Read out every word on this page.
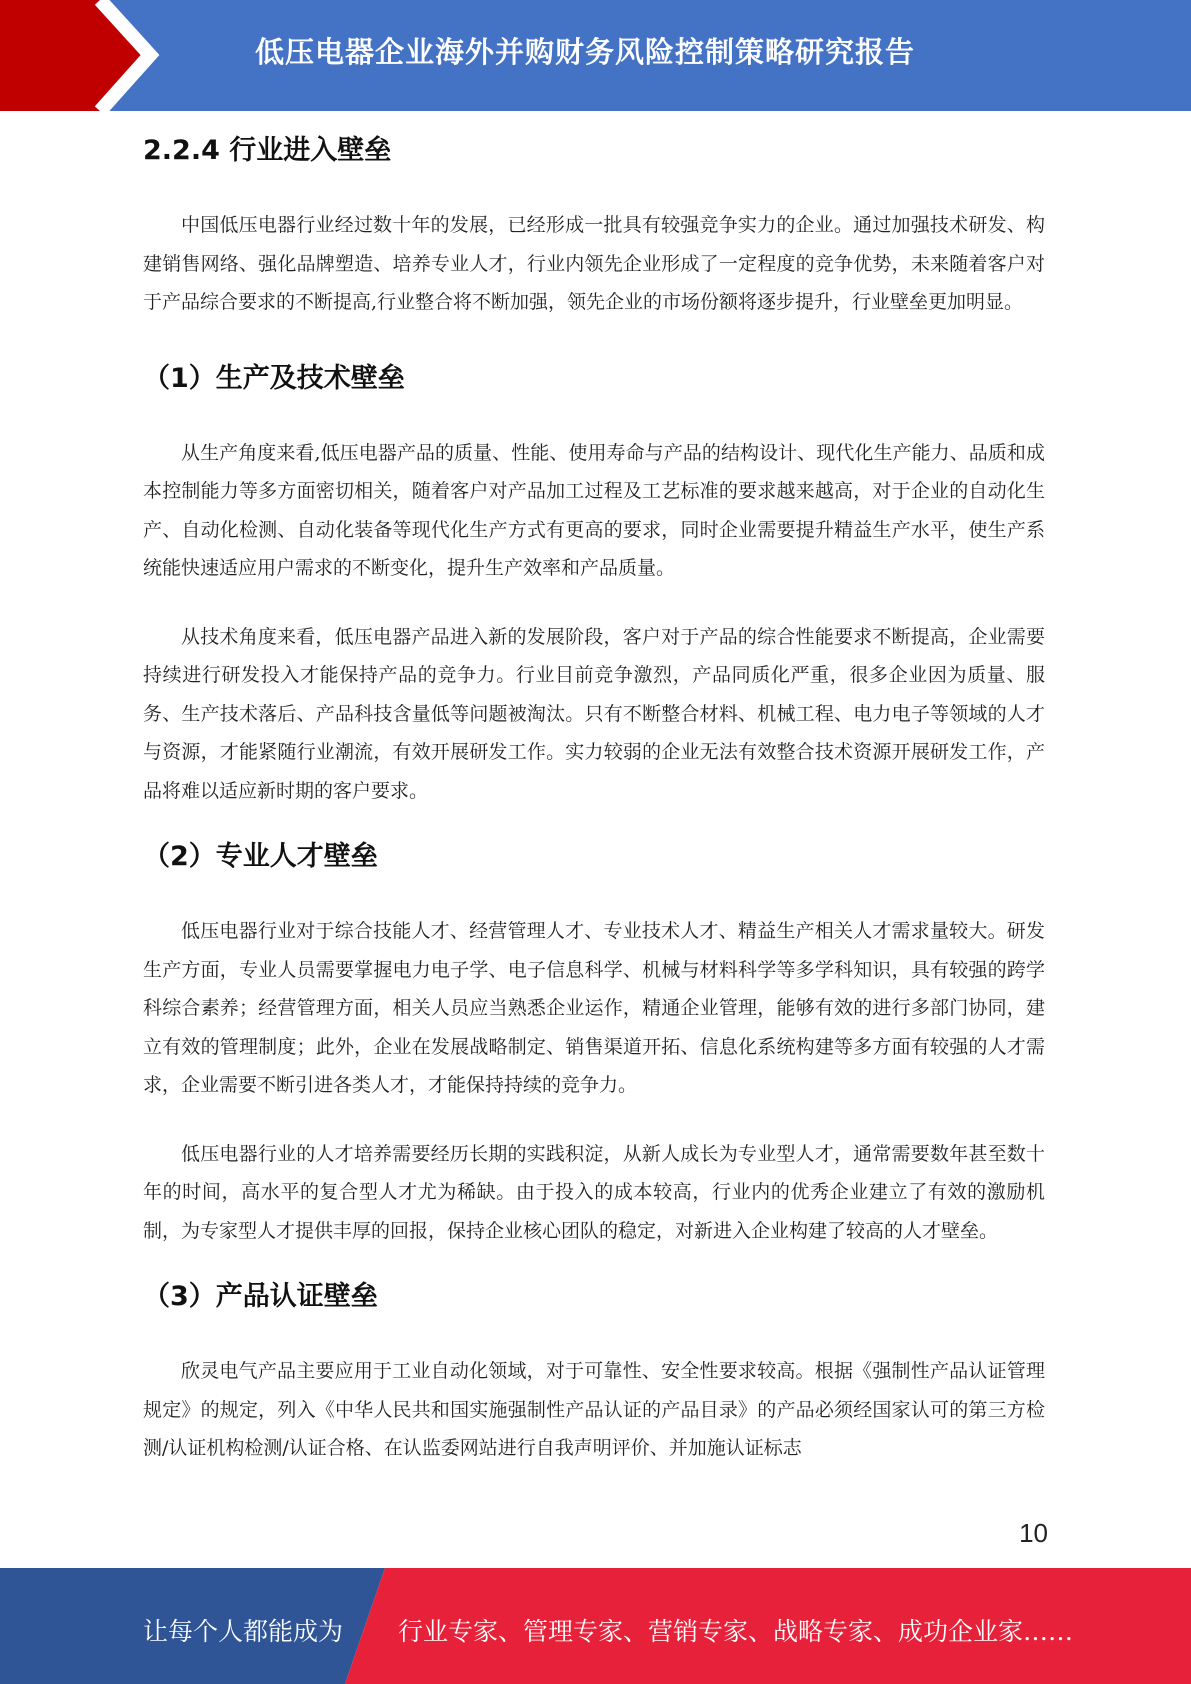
低压电器企业海外并购财务风险控制策略研究报告
2.2.4 行业进入壁垒

中国低压电器行业经过数十年的发展，已经形成一批具有较强竞争实力的企业。通过加强技术研发、构建销售网络、强化品牌塑造、培养专业人才，行业内领先企业形成了一定程度的竞争优势，未来随着客户对于产品综合要求的不断提高,行业整合将不断加强，领先企业的市场份额将逐步提升，行业壁垒更加明显。

（1）生产及技术壁垒

从生产角度来看,低压电器产品的质量、性能、使用寿命与产品的结构设计、现代化生产能力、品质和成本控制能力等多方面密切相关，随着客户对产品加工过程及工艺标准的要求越来越高，对于企业的自动化生产、自动化检测、自动化装备等现代化生产方式有更高的要求，同时企业需要提升精益生产水平，使生产系统能快速适应用户需求的不断变化，提升生产效率和产品质量。

从技术角度来看，低压电器产品进入新的发展阶段，客户对于产品的综合性能要求不断提高，企业需要持续进行研发投入才能保持产品的竞争力。行业目前竞争激烈，产品同质化严重，很多企业因为质量、服务、生产技术落后、产品科技含量低等问题被淘汰。只有不断整合材料、机械工程、电力电子等领域的人才与资源，才能紧随行业潮流，有效开展研发工作。实力较弱的企业无法有效整合技术资源开展研发工作，产品将难以适应新时期的客户要求。

（2）专业人才壁垒

低压电器行业对于综合技能人才、经营管理人才、专业技术人才、精益生产相关人才需求量较大。研发生产方面，专业人员需要掌握电力电子学、电子信息科学、机械与材料科学等多学科知识，具有较强的跨学科综合素养；经营管理方面，相关人员应当熟悉企业运作，精通企业管理，能够有效的进行多部门协同，建立有效的管理制度；此外，企业在发展战略制定、销售渠道开拓、信息化系统构建等多方面有较强的人才需求，企业需要不断引进各类人才，才能保持持续的竞争力。

低压电器行业的人才培养需要经历长期的实践积淀，从新人成长为专业型人才，通常需要数年甚至数十年的时间，高水平的复合型人才尤为稀缺。由于投入的成本较高，行业内的优秀企业建立了有效的激励机制，为专家型人才提供丰厚的回报，保持企业核心团队的稳定，对新进入企业构建了较高的人才壁垒。

（3）产品认证壁垒

欣灵电气产品主要应用于工业自动化领域，对于可靠性、安全性要求较高。根据《强制性产品认证管理规定》的规定，列入《中华人民共和国实施强制性产品认证的产品目录》的产品必须经国家认可的第三方检测/认证机构检测/认证合格、在认监委网站进行自我声明评价、并加施认证标志

10
让每个人都能成为 行业专家、管理专家、营销专家、战略专家、成功企业家……
